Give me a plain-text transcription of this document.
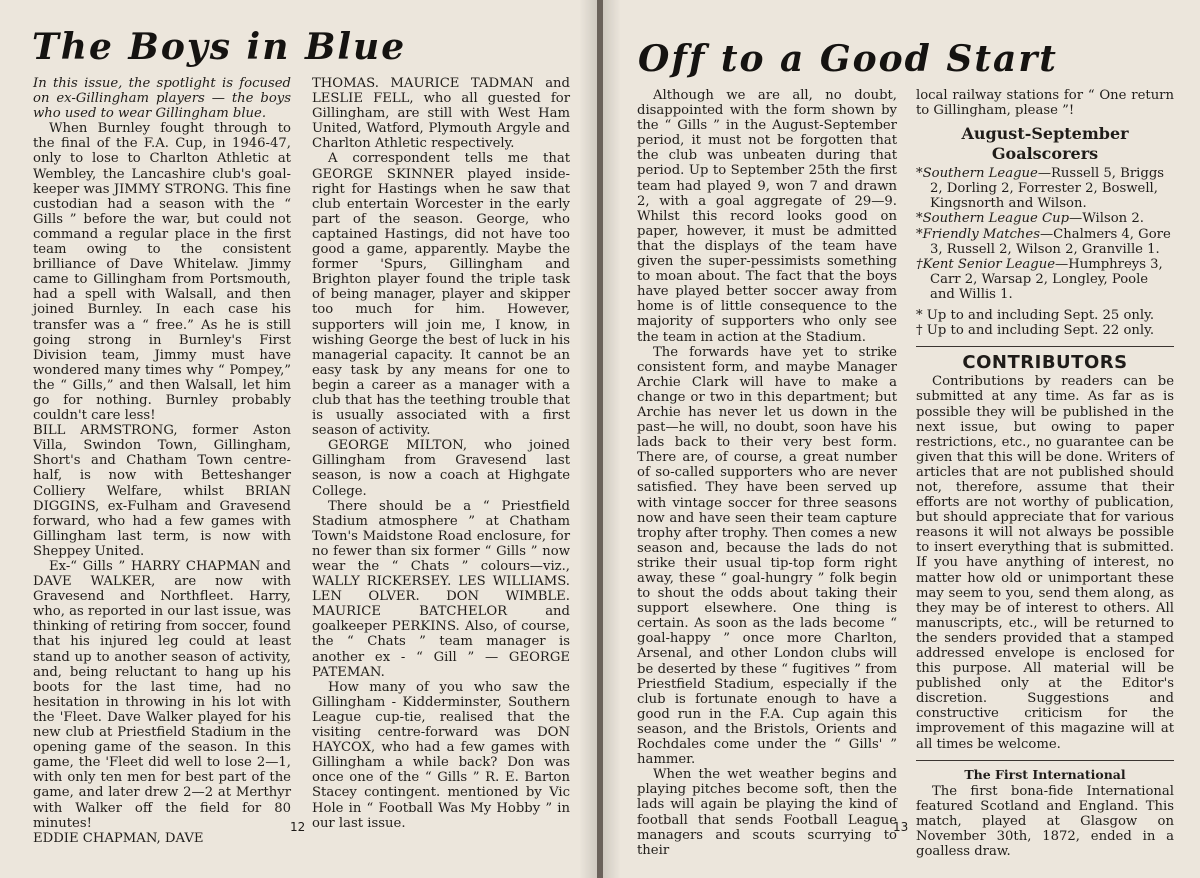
The Boys in Blue

In this issue, the spotlight is focused on ex-Gillingham players — the boys who used to wear Gillingham blue.

When Burnley fought through to the final of the F.A. Cup, in 1946-47, only to lose to Charlton Athletic at Wembley, the Lancashire club's goal-keeper was JIMMY STRONG. This fine custodian had a season with the “ Gills ” before the war, but could not command a regular place in the first team owing to the consistent brilliance of Dave Whitelaw. Jimmy came to Gillingham from Portsmouth, had a spell with Walsall, and then joined Burnley. In each case his transfer was a “ free.” As he is still going strong in Burnley's First Division team, Jimmy must have wondered many times why “ Pompey,” the “ Gills,” and then Walsall, let him go for nothing. Burnley probably couldn't care less!

BILL ARMSTRONG, former Aston Villa, Swindon Town, Gillingham, Short's and Chatham Town centre-half, is now with Betteshanger Colliery Welfare, whilst BRIAN DIGGINS, ex-Fulham and Gravesend forward, who had a few games with Gillingham last term, is now with Sheppey United.

Ex-“ Gills ” HARRY CHAPMAN and DAVE WALKER, are now with Gravesend and Northfleet. Harry, who, as reported in our last issue, was thinking of retiring from soccer, found that his injured leg could at least stand up to another season of activity, and, being reluctant to hang up his boots for the last time, had no hesitation in throwing in his lot with the 'Fleet. Dave Walker played for his new club at Priestfield Stadium in the opening game of the season. In this game, the 'Fleet did well to lose 2—1, with only ten men for best part of the game, and later drew 2—2 at Merthyr with Walker off the field for 80 minutes!

EDDIE CHAPMAN, DAVE

THOMAS. MAURICE TADMAN and LESLIE FELL, who all guested for Gillingham, are still with West Ham United, Watford, Plymouth Argyle and Charlton Athletic respectively.

A correspondent tells me that GEORGE SKINNER played inside-right for Hastings when he saw that club entertain Worcester in the early part of the season. George, who captained Hastings, did not have too good a game, apparently. Maybe the former 'Spurs, Gillingham and Brighton player found the triple task of being manager, player and skipper too much for him. However, supporters will join me, I know, in wishing George the best of luck in his managerial capacity. It cannot be an easy task by any means for one to begin a career as a manager with a club that has the teething trouble that is usually associated with a first season of activity.

GEORGE MILTON, who joined Gillingham from Gravesend last season, is now a coach at Highgate College.

There should be a “ Priestfield Stadium atmosphere ” at Chatham Town's Maidstone Road enclosure, for no fewer than six former “ Gills ” now wear the “ Chats ” colours—viz., WALLY RICKERSEY. LES WILLIAMS. LEN OLVER. DON WIMBLE. MAURICE BATCHELOR and goalkeeper PERKINS. Also, of course, the “ Chats ” team manager is another ex - “ Gill ” — GEORGE PATEMAN.

How many of you who saw the Gillingham - Kidderminster, Southern League cup-tie, realised that the visiting centre-forward was DON HAYCOX, who had a few games with Gillingham a while back? Don was once one of the “ Gills ” R. E. Barton Stacey contingent. mentioned by Vic Hole in “ Football Was My Hobby ” in our last issue.

12
Off to a Good Start

Although we are all, no doubt, disappointed with the form shown by the “ Gills ” in the August-September period, it must not be forgotten that the club was unbeaten during that period. Up to September 25th the first team had played 9, won 7 and drawn 2, with a goal aggregate of 29—9. Whilst this record looks good on paper, however, it must be admitted that the displays of the team have given the super-pessimists something to moan about. The fact that the boys have played better soccer away from home is of little consequence to the majority of supporters who only see the team in action at the Stadium.

The forwards have yet to strike consistent form, and maybe Manager Archie Clark will have to make a change or two in this department; but Archie has never let us down in the past—he will, no doubt, soon have his lads back to their very best form. There are, of course, a great number of so-called supporters who are never satisfied. They have been served up with vintage soccer for three seasons now and have seen their team capture trophy after trophy. Then comes a new season and, because the lads do not strike their usual tip-top form right away, these “ goal-hungry ” folk begin to shout the odds about taking their support elsewhere. One thing is certain. As soon as the lads become “ goal-happy ” once more Charlton, Arsenal, and other London clubs will be deserted by these “ fugitives ” from Priestfield Stadium, especially if the club is fortunate enough to have a good run in the F.A. Cup again this season, and the Bristols, Orients and Rochdales come under the “ Gills' ” hammer.

When the wet weather begins and playing pitches become soft, then the lads will again be playing the kind of football that sends Football League managers and scouts scurrying to their

local railway stations for “ One return to Gillingham, please ”!

August-September Goalscorers
*Southern League—Russell 5, Briggs 2, Dorling 2, Forrester 2, Boswell, Kingsnorth and Wilson.
*Southern League Cup—Wilson 2.
*Friendly Matches—Chalmers 4, Gore 3, Russell 2, Wilson 2, Granville 1.
†Kent Senior League—Humphreys 3, Carr 2, Warsap 2, Longley, Poole and Willis 1.
* Up to and including Sept. 25 only.
† Up to and including Sept. 22 only.
CONTRIBUTORS

Contributions by readers can be submitted at any time. As far as is possible they will be published in the next issue, but owing to paper restrictions, etc., no guarantee can be given that this will be done. Writers of articles that are not published should not, therefore, assume that their efforts are not worthy of publication, but should appreciate that for various reasons it will not always be possible to insert everything that is submitted. If you have anything of interest, no matter how old or unimportant these may seem to you, send them along, as they may be of interest to others. All manuscripts, etc., will be returned to the senders provided that a stamped addressed envelope is enclosed for this purpose. All material will be published only at the Editor's discretion. Suggestions and constructive criticism for the improvement of this magazine will at all times be welcome.

The First International

The first bona-fide International featured Scotland and England. This match, played at Glasgow on November 30th, 1872, ended in a goalless draw.

13
